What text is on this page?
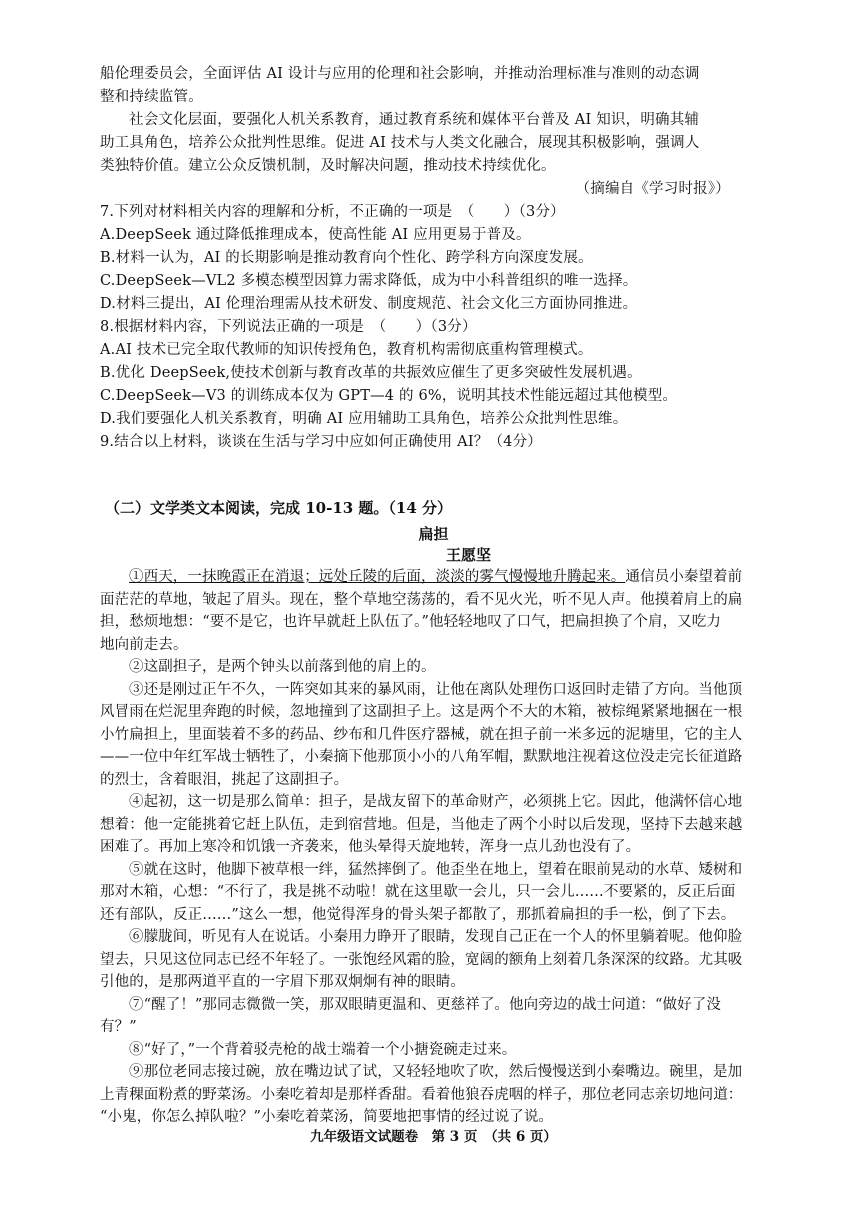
船伦理委员会，全面评估 AI 设计与应用的伦理和社会影响，并推动治理标准与准则的动态调
整和持续监管。
社会文化层面，要强化人机关系教育，通过教育系统和媒体平台普及 AI 知识，明确其辅
助工具角色，培养公众批判性思维。促进 AI 技术与人类文化融合，展现其积极影响，强调人
类独特价值。建立公众反馈机制，及时解决问题，推动技术持续优化。
（摘编自《学习时报》）
7.下列对材料相关内容的理解和分析，不正确的一项是　（　　）（3分）
A.DeepSeek 通过降低推理成本，使高性能 AI 应用更易于普及。
B.材料一认为，AI 的长期影响是推动教育向个性化、跨学科方向深度发展。
C.DeepSeek—VL2 多模态模型因算力需求降低，成为中小科普组织的唯一选择。
D.材料三提出，AI 伦理治理需从技术研发、制度规范、社会文化三方面协同推进。
8.根据材料内容，下列说法正确的一项是　（　　）（3分）
A.AI 技术已完全取代教师的知识传授角色，教育机构需彻底重构管理模式。
B.优化 DeepSeek,使技术创新与教育改革的共振效应催生了更多突破性发展机遇。
C.DeepSeek—V3 的训练成本仅为 GPT—4 的 6%，说明其技术性能远超过其他模型。
D.我们要强化人机关系教育，明确 AI 应用辅助工具角色，培养公众批判性思维。
9.结合以上材料，谈谈在生活与学习中应如何正确使用 AI？（4分）
（二）文学类文本阅读，完成 10-13 题。（14 分）
扁担
王愿坚
①西天，一抹晚霞正在消退；远处丘陵的后面，淡淡的雾气慢慢地升腾起来。通信员小秦望着前
面茫茫的草地，皱起了眉头。现在，整个草地空荡荡的，看不见火光，听不见人声。他摸着肩上的扁
担，愁烦地想：“要不是它，也许早就赶上队伍了。”他轻轻地叹了口气，把扁担换了个肩，又吃力
地向前走去。
②这副担子，是两个钟头以前落到他的肩上的。
③还是刚过正午不久，一阵突如其来的暴风雨，让他在离队处理伤口返回时走错了方向。当他顶
风冒雨在烂泥里奔跑的时候，忽地撞到了这副担子上。这是两个不大的木箱，被棕绳紧紧地捆在一根
小竹扁担上，里面装着不多的药品、纱布和几件医疗器械，就在担子前一米多远的泥塘里，它的主人
——一位中年红军战士牺牲了，小秦摘下他那顶小小的八角军帽，默默地注视着这位没走完长征道路
的烈士，含着眼泪，挑起了这副担子。
④起初，这一切是那么简单：担子，是战友留下的革命财产，必须挑上它。因此，他满怀信心地
想着：他一定能挑着它赶上队伍，走到宿营地。但是，当他走了两个小时以后发现，坚持下去越来越
困难了。再加上寒冷和饥饿一齐袭来，他头晕得天旋地转，浑身一点儿劲也没有了。
⑤就在这时，他脚下被草根一绊，猛然摔倒了。他歪坐在地上，望着在眼前晃动的水草、矮树和
那对木箱，心想：“不行了，我是挑不动啦！就在这里歇一会儿，只一会儿……不要紧的，反正后面
还有部队，反正……”这么一想，他觉得浑身的骨头架子都散了，那抓着扁担的手一松，倒了下去。
⑥朦胧间，听见有人在说话。小秦用力睁开了眼睛，发现自己正在一个人的怀里躺着呢。他仰脸
望去，只见这位同志已经不年轻了。一张饱经风霜的脸，宽阔的额角上刻着几条深深的纹路。尤其吸
引他的，是那两道平直的一字眉下那双炯炯有神的眼睛。
⑦“醒了！”那同志微微一笑，那双眼睛更温和、更慈祥了。他向旁边的战士问道：“做好了没
有？”
⑧“好了，”一个背着驳壳枪的战士端着一个小搪瓷碗走过来。
⑨那位老同志接过碗，放在嘴边试了试，又轻轻地吹了吹，然后慢慢送到小秦嘴边。碗里，是加
上青稞面粉煮的野菜汤。小秦吃着却是那样香甜。看着他狼吞虎咽的样子，那位老同志亲切地问道：
“小鬼，你怎么掉队啦？”小秦吃着菜汤，简要地把事情的经过说了说。
九年级语文试题卷　第 3 页　（共 6 页）
